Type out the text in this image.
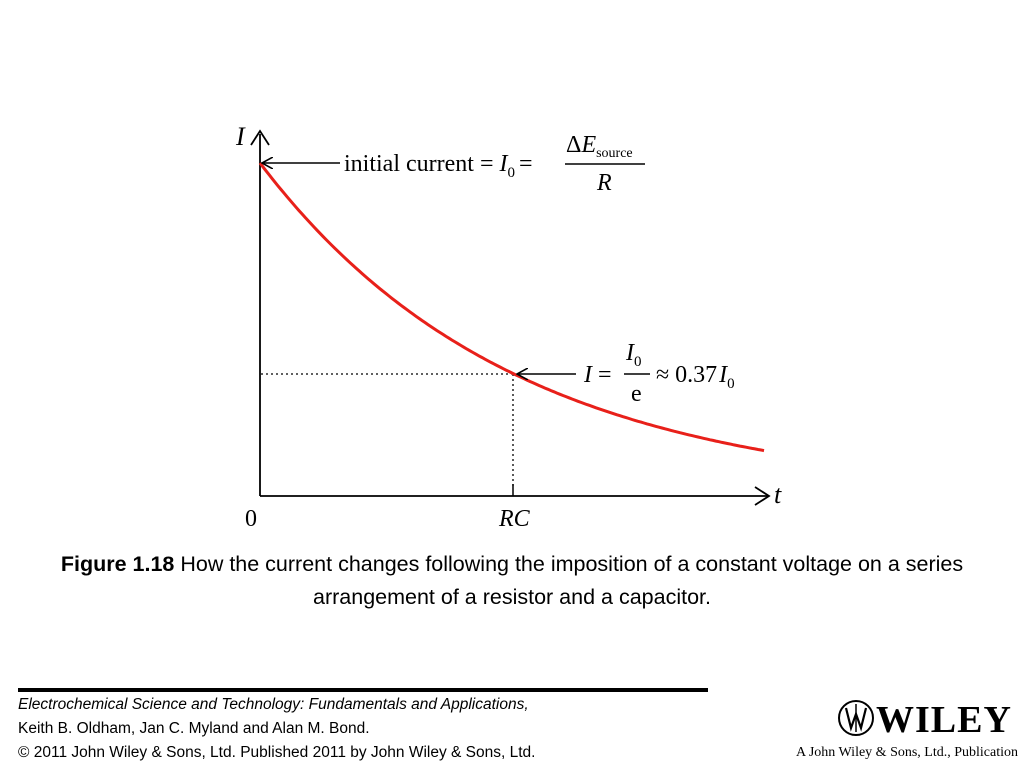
I
t
0	RC
initial current = $I_0$ =
$\Delta E_{source}$
R
I =
$I_0$
e
≈ $0.37I_0$
Figure 1.18 How the current changes following the imposition of a constant voltage on a series arrangement of a resistor and a capacitor.
Electrochemical Science and Technology: Fundamentals and Applications,
Keith B. Oldham, Jan C. Myland and Alan M. Bond.
© 2011 John Wiley & Sons, Ltd. Published 2011 by John Wiley & Sons, Ltd.
WILEY
A John Wiley & Sons, Ltd., Publication
